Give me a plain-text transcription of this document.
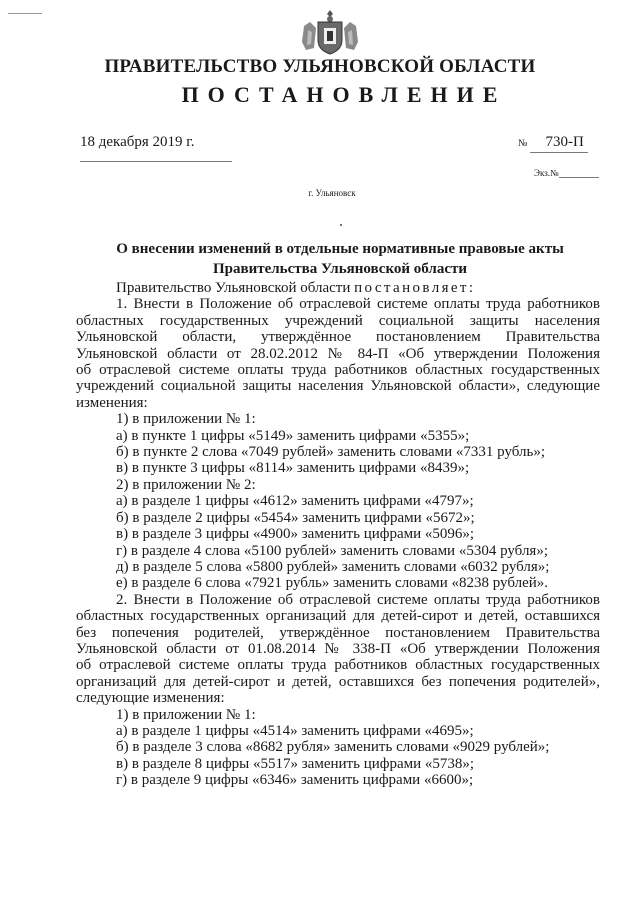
ПРАВИТЕЛЬСТВО УЛЬЯНОВСКОЙ ОБЛАСТИ
ПОСТАНОВЛЕНИЕ
18 декабря 2019 г.	№ 730-П
Экз.№
г. Ульяновск
О внесении изменений в отдельные нормативные правовые акты
Правительства Ульяновской области

Правительство Ульяновской области постановляет:

1. Внести в Положение об отраслевой системе оплаты труда работников

областных государственных учреждений социальной защиты населения

Ульяновской области, утверждённое постановлением Правительства

Ульяновской области от 28.02.2012 № 84-П «Об утверждении Положения

об отраслевой системе оплаты труда работников областных государственных

учреждений социальной защиты населения Ульяновской области», следующие

изменения:

1) в приложении № 1:

а) в пункте 1 цифры «5149» заменить цифрами «5355»;

б) в пункте 2 слова «7049 рублей» заменить словами «7331 рубль»;

в) в пункте 3 цифры «8114» заменить цифрами «8439»;

2) в приложении № 2:

а) в разделе 1 цифры «4612» заменить цифрами «4797»;

б) в разделе 2 цифры «5454» заменить цифрами «5672»;

в) в разделе 3 цифры «4900» заменить цифрами «5096»;

г) в разделе 4 слова «5100 рублей» заменить словами «5304 рубля»;

д) в разделе 5 слова «5800 рублей» заменить словами «6032 рубля»;

е) в разделе 6 слова «7921 рубль» заменить словами «8238 рублей».

2. Внести в Положение об отраслевой системе оплаты труда работников

областных государственных организаций для детей-сирот и детей, оставшихся

без попечения родителей, утверждённое постановлением Правительства

Ульяновской области от 01.08.2014 № 338-П «Об утверждении Положения

об отраслевой системе оплаты труда работников областных государственных

организаций для детей-сирот и детей, оставшихся без попечения родителей»,

следующие изменения:

1) в приложении № 1:

а) в разделе 1 цифры «4514» заменить цифрами «4695»;

б) в разделе 3 слова «8682 рубля» заменить словами «9029 рублей»;

в) в разделе 8 цифры «5517» заменить цифрами «5738»;

г) в разделе 9 цифры «6346» заменить цифрами «6600»;
